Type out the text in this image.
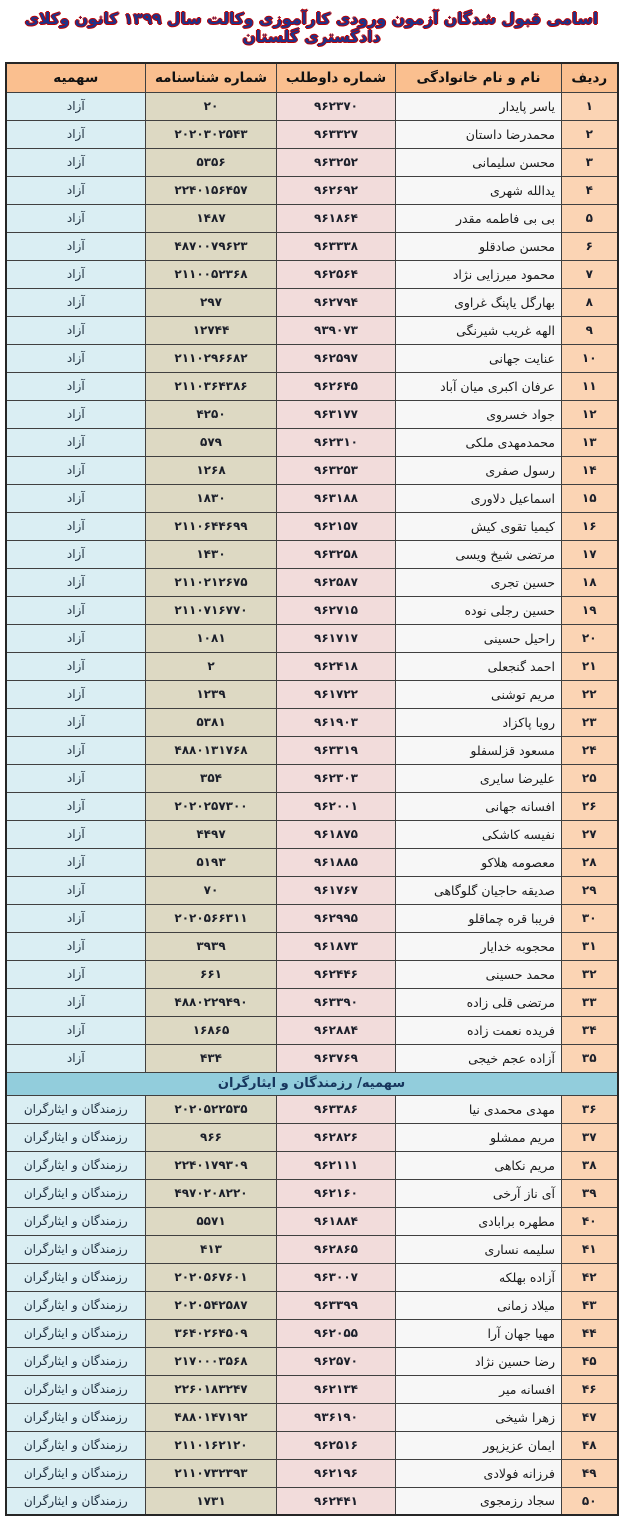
اسامی قبول شدگان آزمون ورودی کارآموزی وکالت سال ۱۳۹۹ کانون وکلای دادگستری گلستان
ردیف	نام و نام خانوادگی	شماره داوطلب	شماره شناسنامه	سهمیه
۱	یاسر پایدار	۹۶۲۳۷۰	۲۰	آزاد
۲	محمدرضا داستان	۹۶۳۳۲۷	۲۰۲۰۳۰۲۵۴۳	آزاد
۳	محسن سلیمانی	۹۶۳۲۵۲	۵۳۵۶	آزاد
۴	یدالله شهری	۹۶۲۶۹۲	۲۲۴۰۱۵۶۴۵۷	آزاد
۵	بی بی فاطمه مقدر	۹۶۱۸۶۴	۱۴۸۷	آزاد
۶	محسن صادقلو	۹۶۳۳۳۸	۴۸۷۰۰۷۹۶۲۳	آزاد
۷	محمود میرزایی نژاد	۹۶۲۵۶۴	۲۱۱۰۰۵۲۳۶۸	آزاد
۸	بهارگل یاپنگ غراوی	۹۶۲۷۹۴	۲۹۷	آزاد
۹	الهه غریب شیرنگی	۹۳۹۰۷۳	۱۲۷۴۴	آزاد
۱۰	عنایت جهانی	۹۶۲۵۹۷	۲۱۱۰۲۹۶۶۸۲	آزاد
۱۱	عرفان اکبری میان آباد	۹۶۲۶۴۵	۲۱۱۰۳۶۴۳۸۶	آزاد
۱۲	جواد خسروی	۹۶۳۱۷۷	۴۲۵۰	آزاد
۱۳	محمدمهدی ملکی	۹۶۲۳۱۰	۵۷۹	آزاد
۱۴	رسول صفری	۹۶۳۲۵۳	۱۲۶۸	آزاد
۱۵	اسماعیل دلاوری	۹۶۳۱۸۸	۱۸۳۰	آزاد
۱۶	کیمیا تقوی کیش	۹۶۲۱۵۷	۲۱۱۰۶۴۴۶۹۹	آزاد
۱۷	مرتضی شیخ ویسی	۹۶۳۲۵۸	۱۴۳۰	آزاد
۱۸	حسین تجری	۹۶۲۵۸۷	۲۱۱۰۲۱۲۶۷۵	آزاد
۱۹	حسین رجلی نوده	۹۶۲۷۱۵	۲۱۱۰۷۱۶۷۷۰	آزاد
۲۰	راحیل حسینی	۹۶۱۷۱۷	۱۰۸۱	آزاد
۲۱	احمد گنجعلی	۹۶۲۴۱۸	۲	آزاد
۲۲	مریم توشنی	۹۶۱۷۲۲	۱۲۳۹	آزاد
۲۳	رویا پاکزاد	۹۶۱۹۰۳	۵۳۸۱	آزاد
۲۴	مسعود قزلسفلو	۹۶۳۳۱۹	۴۸۸۰۱۳۱۷۶۸	آزاد
۲۵	علیرضا سایری	۹۶۲۳۰۳	۳۵۴	آزاد
۲۶	افسانه جهانی	۹۶۲۰۰۱	۲۰۲۰۲۵۷۳۰۰	آزاد
۲۷	نفیسه کاشکی	۹۶۱۸۷۵	۴۴۹۷	آزاد
۲۸	معصومه هلاکو	۹۶۱۸۸۵	۵۱۹۳	آزاد
۲۹	صدیقه حاجیان گلوگاهی	۹۶۱۷۶۷	۷۰	آزاد
۳۰	فریبا قره چماقلو	۹۶۲۹۹۵	۲۰۲۰۵۶۶۳۱۱	آزاد
۳۱	محجوبه خدایار	۹۶۱۸۷۳	۳۹۳۹	آزاد
۳۲	محمد حسینی	۹۶۲۴۴۶	۶۶۱	آزاد
۳۳	مرتضی قلی زاده	۹۶۳۳۹۰	۴۸۸۰۲۲۹۴۹۰	آزاد
۳۴	فریده نعمت زاده	۹۶۲۸۸۴	۱۶۸۶۵	آزاد
۳۵	آزاده عجم خیجی	۹۶۳۷۶۹	۴۳۴	آزاد
سهمیه/ رزمندگان و ایثارگران				
۳۶	مهدی محمدی نیا	۹۶۳۳۸۶	۲۰۲۰۵۲۲۵۳۵	رزمندگان و ایثارگران
۳۷	مریم ممشلو	۹۶۲۸۲۶	۹۶۶	رزمندگان و ایثارگران
۳۸	مریم نکاهی	۹۶۲۱۱۱	۲۲۴۰۱۷۹۳۰۹	رزمندگان و ایثارگران
۳۹	آی ناز آرخی	۹۶۲۱۶۰	۴۹۷۰۲۰۸۲۲۰	رزمندگان و ایثارگران
۴۰	مطهره برابادی	۹۶۱۸۸۴	۵۵۷۱	رزمندگان و ایثارگران
۴۱	سلیمه نساری	۹۶۲۸۶۵	۴۱۳	رزمندگان و ایثارگران
۴۲	آزاده بهلکه	۹۶۳۰۰۷	۲۰۲۰۵۶۷۶۰۱	رزمندگان و ایثارگران
۴۳	میلاد زمانی	۹۶۳۳۹۹	۲۰۲۰۵۴۲۵۸۷	رزمندگان و ایثارگران
۴۴	مهیا جهان آرا	۹۶۲۰۵۵	۳۶۴۰۲۶۴۵۰۹	رزمندگان و ایثارگران
۴۵	رضا حسین نژاد	۹۶۲۵۷۰	۲۱۷۰۰۰۳۵۶۸	رزمندگان و ایثارگران
۴۶	افسانه میر	۹۶۲۱۳۴	۲۲۶۰۱۸۳۲۴۷	رزمندگان و ایثارگران
۴۷	زهرا شیخی	۹۳۶۱۹۰	۴۸۸۰۱۴۷۱۹۲	رزمندگان و ایثارگران
۴۸	ایمان عزیزپور	۹۶۲۵۱۶	۲۱۱۰۱۶۲۱۲۰	رزمندگان و ایثارگران
۴۹	فرزانه فولادی	۹۶۲۱۹۶	۲۱۱۰۷۳۲۳۹۳	رزمندگان و ایثارگران
۵۰	سجاد رزمجوی	۹۶۲۴۴۱	۱۷۳۱	رزمندگان و ایثارگران
